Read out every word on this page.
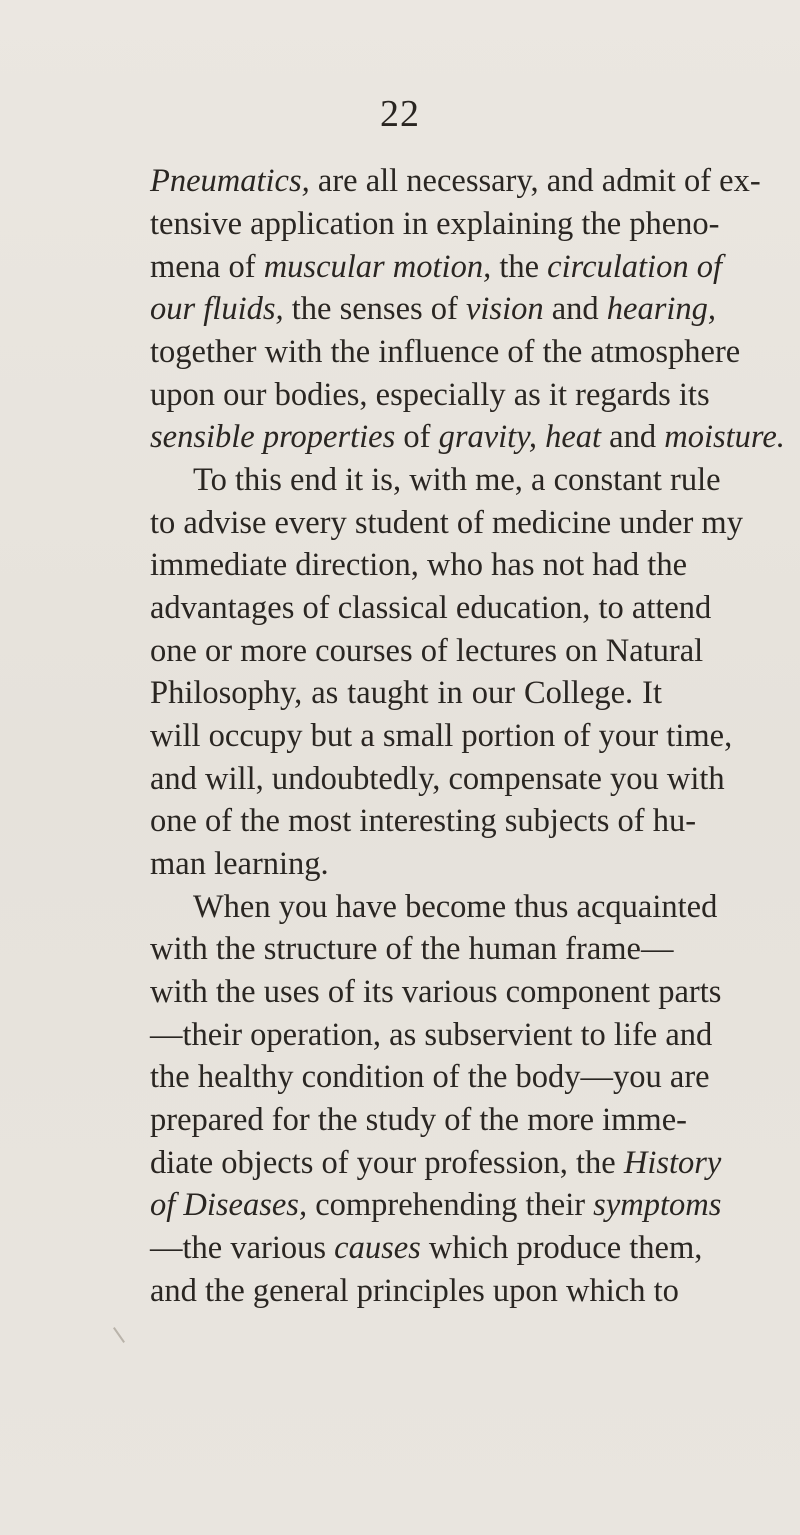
22
Pneumatics, are all necessary, and admit of ex-
tensive application in explaining the pheno-
mena of muscular motion, the circulation of
our fluids, the senses of vision and hearing,
together with the influence of the atmosphere
upon our bodies, especially as it regards its
sensible properties of gravity, heat and moisture.
To this end it is, with me, a constant rule
to advise every student of medicine under my
immediate direction, who has not had the
advantages of classical education, to attend
one or more courses of lectures on Natural
Philosophy, as taught in our College. It
will occupy but a small portion of your time,
and will, undoubtedly, compensate you with
one of the most interesting subjects of hu-
man learning.
When you have become thus acquainted
with the structure of the human frame—
with the uses of its various component parts
—their operation, as subservient to life and
the healthy condition of the body—you are
prepared for the study of the more imme-
diate objects of your profession, the History
of Diseases, comprehending their symptoms
—the various causes which produce them,
and the general principles upon which to
